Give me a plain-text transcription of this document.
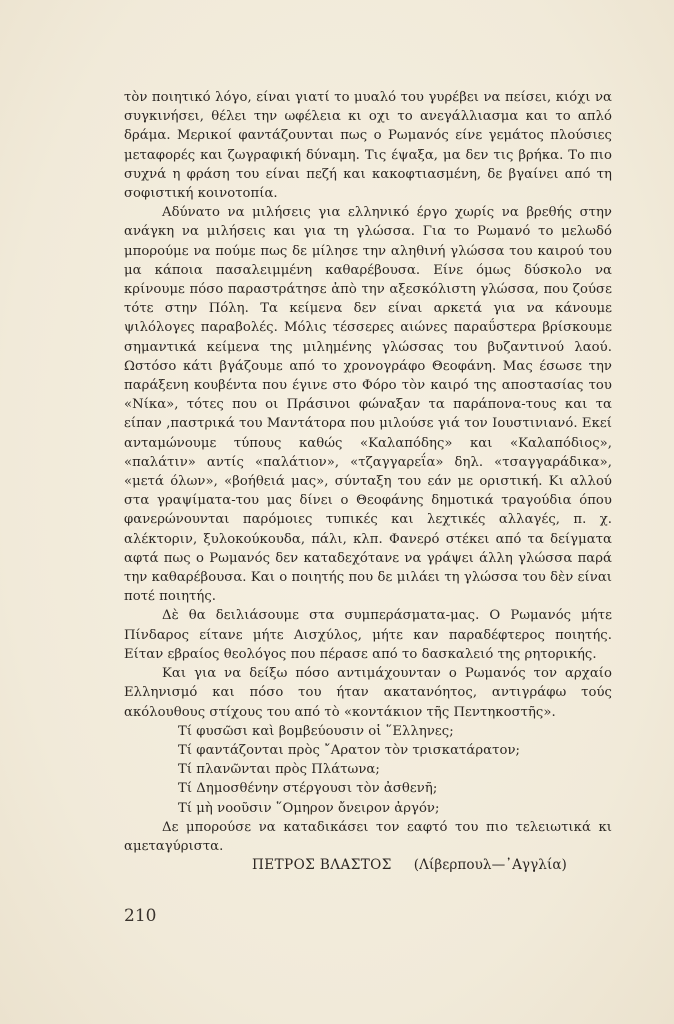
τὸν ποιητικό λόγο, είναι γιατί το μυαλό του γυρέβει να πείσει, κιόχι να συγκινήσει, θέλει την ωφέλεια κι οχι το ανεγάλλιασμα και το απλό δράμα. Μερικοί φαντάζουνται πως ο Ρωμανός είνε γεμάτος πλούσιες μεταφορές και ζωγραφική δύναμη. Τις έψαξα, μα δεν τις βρήκα. Το πιο συχνά η φράση του είναι πεζή και κακοφτιασμένη, δε βγαίνει από τη σοφιστική κοινοτοπία.

Αδύνατο να μιλήσεις για ελληνικό έργο χωρίς να βρεθής στην ανάγκη να μιλήσεις και για τη γλώσσα. Για το Ρωμανό το μελωδό μπορούμε να πούμε πως δε μίλησε την αληθινή γλώσσα του καιρού του μα κάποια πασαλειμμένη καθαρέβουσα. Είνε όμως δύσκολο να κρίνουμε πόσο παραστράτησε ἀπὸ την αξεσκόλιστη γλώσσα, που ζούσε τότε στην Πόλη. Τα κείμενα δεν είναι αρκετά για να κάνουμε ψιλόλογες παραβολές. Μόλις τέσσερες αιώνες παραΰστερα βρίσκουμε σημαντικά κείμενα της μιλημένης γλώσσας του βυζαντινού λαού. Ωστόσο κάτι βγάζουμε από το χρονογράφο Θεοφάνη. Μας έσωσε την παράξενη κουβέντα που έγινε στο Φόρο τὸν καιρό της αποστασίας του «Νίκα», τότες που οι Πράσινοι φώναξαν τα παράπονα-τους και τα είπαν ,παστρικά του Μαντάτορα που μιλούσε γιά τον Ιουστινιανό. Εκεί ανταμώνουμε τύπους καθώς «Καλαπόδης» και «Καλαπόδιος», «παλάτιν» αντίς «παλάτιον», «τζαγγαρεΐα» δηλ. «τσαγγαράδικα», «μετά όλων», «βοήθειά μας», σύνταξη του εάν με οριστική. Κι αλλού στα γραψίματα-του μας δίνει ο Θεοφάνης δημοτικά τραγούδια όπου φανερώνουνται παρόμοιες τυπικές και λεχτικές αλλαγές, π. χ. αλέκτοριν, ξυλοκούκουδα, πάλι, κλπ. Φανερό στέκει από τα δείγματα αφτά πως ο Ρωμανός δεν καταδεχότανε να γράψει άλλη γλώσσα παρά την καθαρέβουσα. Και ο ποιητής που δε μιλάει τη γλώσσα του δὲν είναι ποτέ ποιητής.

Δὲ θα δειλιάσουμε στα συμπεράσματα-μας. Ο Ρωμανός μήτε Πίνδαρος είτανε μήτε Αισχύλος, μήτε καν παραδέφτερος ποιητής. Είταν εβραίος θεολόγος που πέρασε από το δασκαλειό της ρητορικής.

Και για να δείξω πόσο αντιμάχουνταν ο Ρωμανός τον αρχαίο Ελληνισμό και πόσο του ήταν ακατανόητος, αντιγράφω τούς ακόλουθους στίχους του από τὸ «κοντάκιον τῆς Πεντηκοστῆς».

Τί φυσῶσι καὶ βομβεύουσιν οἱ ῞Ελληνες;
Τί φαντάζονται πρὸς ῎Αρατον τὸν τρισκατάρατον;
Τί πλανῶνται πρὸς Πλάτωνα;
Τί Δημοσθένην στέργουσι τὸν ἀσθενῆ;
Τί μὴ νοοῦσιν ῞Ομηρον ὄνειρον ἀργόν;

Δε μπορούσε να καταδικάσει τον εαφτό του πιο τελειωτικά κι αμεταγύριστα.

ΠΕΤΡΟΣ ΒΛΑΣΤΟΣ (Λίβερπουλ—᾿Αγγλία)

210
